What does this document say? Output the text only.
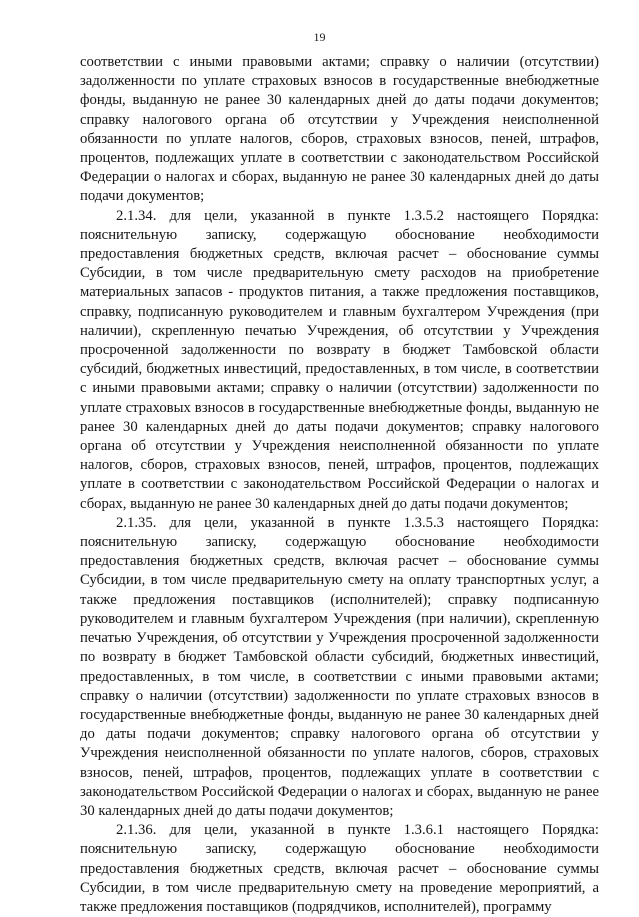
19

соответствии с иными правовыми актами; справку о наличии (отсутствии) задолженности по уплате страховых взносов в государственные внебюджетные фонды, выданную не ранее 30 календарных дней до даты подачи документов; справку налогового органа об отсутствии у Учреждения неисполненной обязанности по уплате налогов, сборов, страховых взносов, пеней, штрафов, процентов, подлежащих уплате в соответствии с законодательством Российской Федерации о налогах и сборах, выданную не ранее 30 календарных дней до даты подачи документов;

2.1.34. для цели, указанной в пункте 1.3.5.2 настоящего Порядка: пояснительную записку, содержащую обоснование необходимости предоставления бюджетных средств, включая расчет – обоснование суммы Субсидии, в том числе предварительную смету расходов на приобретение материальных запасов - продуктов питания, а также предложения поставщиков, справку, подписанную руководителем и главным бухгалтером Учреждения (при наличии), скрепленную печатью Учреждения, об отсутствии у Учреждения просроченной задолженности по возврату в бюджет Тамбовской области субсидий, бюджетных инвестиций, предоставленных, в том числе, в соответствии с иными правовыми актами; справку о наличии (отсутствии) задолженности по уплате страховых взносов в государственные внебюджетные фонды, выданную не ранее 30 календарных дней до даты подачи документов; справку налогового органа об отсутствии у Учреждения неисполненной обязанности по уплате налогов, сборов, страховых взносов, пеней, штрафов, процентов, подлежащих уплате в соответствии с законодательством Российской Федерации о налогах и сборах, выданную не ранее 30 календарных дней до даты подачи документов;

2.1.35. для цели, указанной в пункте 1.3.5.3 настоящего Порядка: пояснительную записку, содержащую обоснование необходимости предоставления бюджетных средств, включая расчет – обоснование суммы Субсидии, в том числе предварительную смету на оплату транспортных услуг, а также предложения поставщиков (исполнителей); справку подписанную руководителем и главным бухгалтером Учреждения (при наличии), скрепленную печатью Учреждения, об отсутствии у Учреждения просроченной задолженности по возврату в бюджет Тамбовской области субсидий, бюджетных инвестиций, предоставленных, в том числе, в соответствии с иными правовыми актами; справку о наличии (отсутствии) задолженности по уплате страховых взносов в государственные внебюджетные фонды, выданную не ранее 30 календарных дней до даты подачи документов; справку налогового органа об отсутствии у Учреждения неисполненной обязанности по уплате налогов, сборов, страховых взносов, пеней, штрафов, процентов, подлежащих уплате в соответствии с законодательством Российской Федерации о налогах и сборах, выданную не ранее 30 календарных дней до даты подачи документов;

2.1.36. для цели, указанной в пункте 1.3.6.1 настоящего Порядка: пояснительную записку, содержащую обоснование необходимости предоставления бюджетных средств, включая расчет – обоснование суммы Субсидии, в том числе предварительную смету на проведение мероприятий, а также предложения поставщиков (подрядчиков, исполнителей), программу
